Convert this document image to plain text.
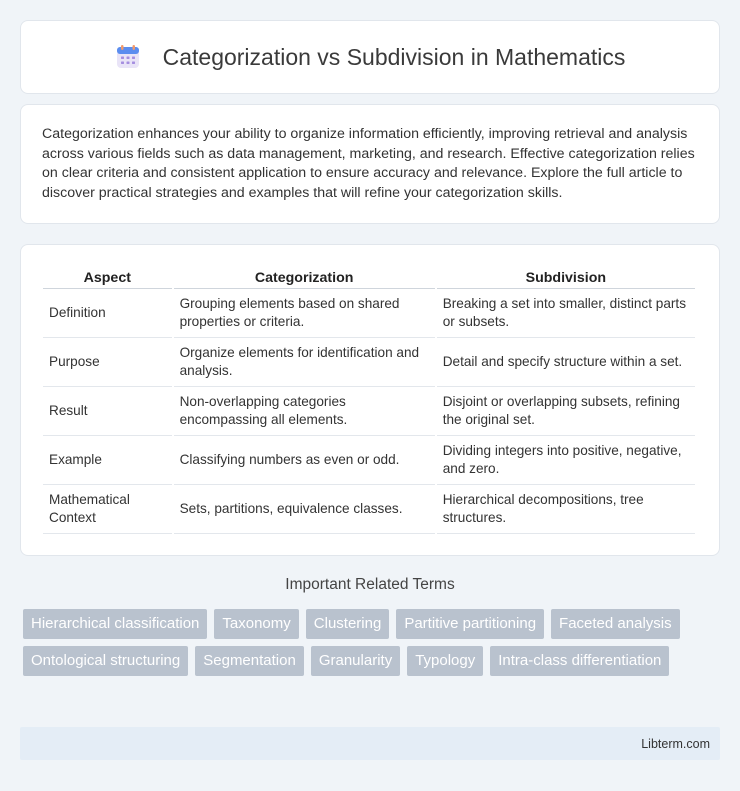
Categorization vs Subdivision in Mathematics

Categorization enhances your ability to organize information efficiently, improving retrieval and analysis across various fields such as data management, marketing, and research. Effective categorization relies on clear criteria and consistent application to ensure accuracy and relevance. Explore the full article to discover practical strategies and examples that will refine your categorization skills.

Aspect	Categorization	Subdivision
Definition	Grouping elements based on shared properties or criteria.	Breaking a set into smaller, distinct parts or subsets.
Purpose	Organize elements for identification and analysis.	Detail and specify structure within a set.
Result	Non-overlapping categories encompassing all elements.	Disjoint or overlapping subsets, refining the original set.
Example	Classifying numbers as even or odd.	Dividing integers into positive, negative, and zero.
Mathematical Context	Sets, partitions, equivalence classes.	Hierarchical decompositions, tree structures.
Important Related Terms
Hierarchical classification	Taxonomy	Clustering	Partitive partitioning	Faceted analysis
Ontological structuring	Segmentation	Granularity	Typology	Intra-class differentiation
Libterm.com
